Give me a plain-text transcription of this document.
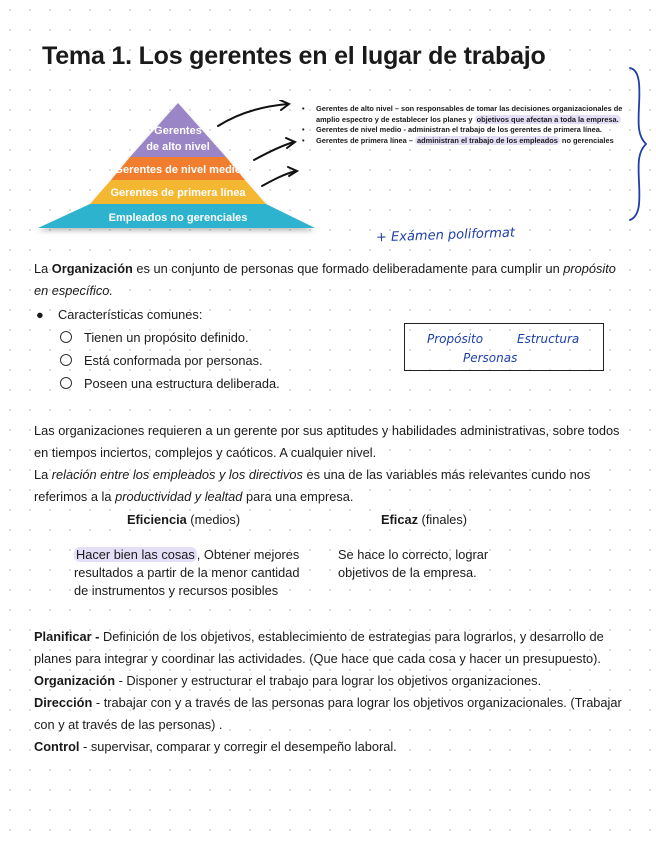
Tema 1. Los gerentes en el lugar de trabajo
Gerentes
de alto nivel
Gerentes de nivel medio
Gerentes de primera línea
Empleados no gerenciales
• Gerentes de alto nivel – son responsables de tomar las decisiones organizacionales de amplio espectro y de establecer los planes y objetivos que afectan a toda la empresa.
• Gerentes de nivel medio - administran el trabajo de los gerentes de primera línea.
• Gerentes de primera línea – administran el trabajo de los empleados no gerenciales
+ Exámen poliformat
Propósito	Estructura
Personas

La Organización es un conjunto de personas que formado deliberadamente para cumplir un propósito en específico.

● Características comunes:
Tienen un propósito definido.
Está conformada por personas.
Poseen una estructura deliberada.

Las organizaciones requieren a un gerente por sus aptitudes y habilidades administrativas, sobre todos en tiempos inciertos, complejos y caóticos. A cualquier nivel.
La relación entre los empleados y los directivos es una de las variables más relevantes cundo nos referimos a la productividad y lealtad para una empresa.

Eficiencia (medios)	Eficaz (finales)
Hacer bien las cosas , Obtener mejores resultados a partir de la menor cantidad de instrumentos y recursos posibles
Se hace lo correcto, lograr objetivos de la empresa.

Planificar - Definición de los objetivos, establecimiento de estrategias para lograrlos, y desarrollo de planes para integrar y coordinar las actividades. (Que hace que cada cosa y hacer un presupuesto).
Organización - Disponer y estructurar el trabajo para lograr los objetivos organizaciones.
Dirección - trabajar con y a través de las personas para lograr los objetivos organizacionales. (Trabajar con y at través de las personas) .
Control - supervisar, comparar y corregir el desempeño laboral.
